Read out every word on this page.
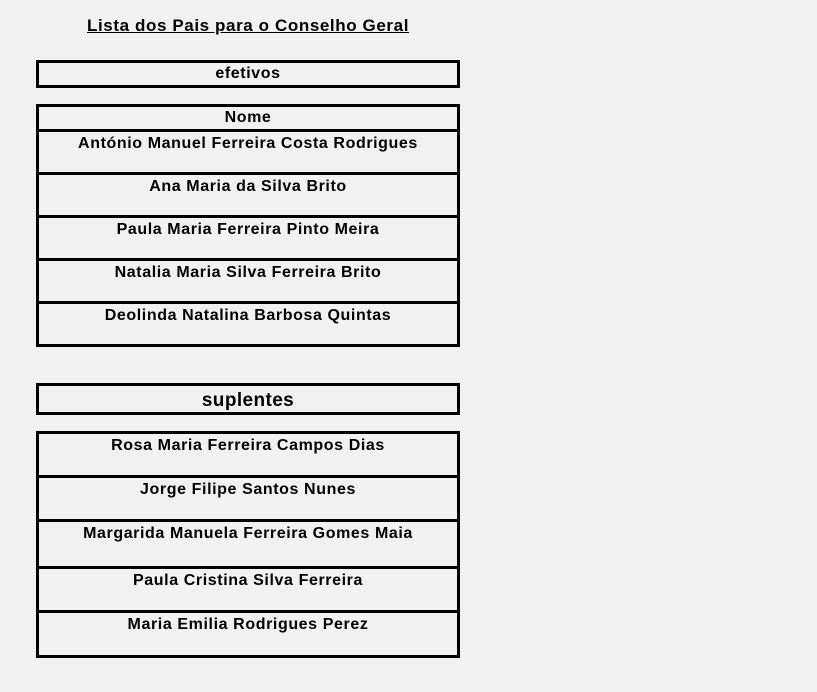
Lista dos Pais para o Conselho Geral
efetivos
Nome
António Manuel Ferreira Costa Rodrigues
Ana Maria da Silva Brito
Paula Maria Ferreira Pinto Meira
Natalia Maria Silva Ferreira Brito
Deolinda Natalina Barbosa Quintas
suplentes
Rosa Maria Ferreira Campos Dias
Jorge Filipe Santos Nunes
Margarida Manuela Ferreira Gomes Maia
Paula Cristina Silva Ferreira
Maria Emilia Rodrigues Perez
